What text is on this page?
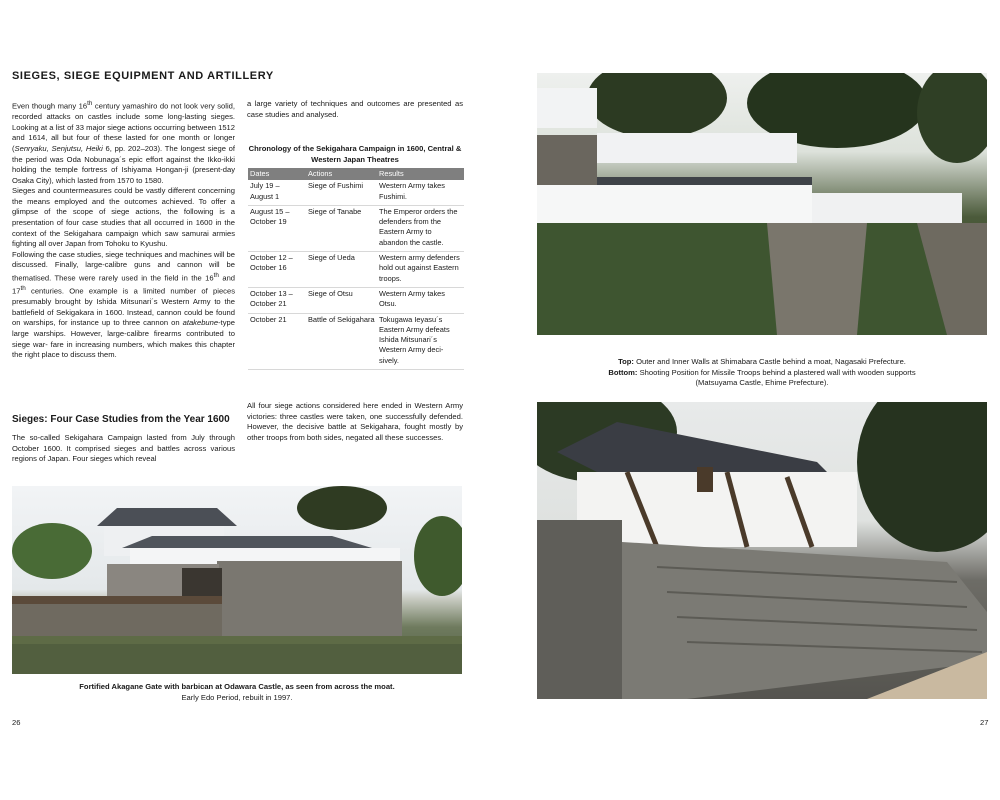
SIEGES, SIEGE EQUIPMENT AND ARTILLERY

Even though many 16th century yamashiro do not look very solid, recorded attacks on castles include some long-lasting sieges. Looking at a list of 33 major siege actions occurring between 1512 and 1614, all but four of these lasted for one month or longer (Senryaku, Senjutsu, Heiki 6, pp. 202–203). The longest siege of the period was Oda Nobunaga´s epic effort against the Ikko-ikki holding the temple fortress of Ishiyama Hongan-ji (present-day Osaka City), which lasted from 1570 to 1580.

Sieges and countermeasures could be vastly different concerning the means employed and the outcomes achieved. To offer a glimpse of the scope of siege actions, the following is a presentation of four case studies that all occurred in 1600 in the context of the Sekigahara campaign which saw samurai armies fighting all over Japan from Tohoku to Kyushu.

Following the case studies, siege techniques and machines will be discussed. Finally, large-calibre guns and cannon will be thematised. These were rarely used in the field in the 16th and 17th centuries. One example is a limited number of pieces presumably brought by Ishida Mitsunari´s Western Army to the battlefield of Sekigakara in 1600. Instead, cannon could be found on warships, for instance up to three cannon on atakebune-type large warships. However, large-calibre firearms contributed to siege war- fare in increasing numbers, which makes this chapter the right place to discuss them.

Sieges: Four Case Studies from the Year 1600
The so-called Sekigahara Campaign lasted from July through October 1600. It comprised sieges and battles across various regions of Japan. Four sieges which reveal
a large variety of techniques and outcomes are presented as case studies and analysed.
Chronology of the Sekigahara Campaign in 1600, Central & Western Japan Theatres
Dates	Actions	Results
July 19 – August 1	Siege of Fushimi	Western Army takes Fushimi.
August 15 – October 19	Siege of Tanabe	The Emperor orders the defenders from the Eastern Army to abandon the castle.
October 12 – October 16	Siege of Ueda	Western army defenders hold out against Eastern troops.
October 13 – October 21	Siege of Otsu	Western Army takes Otsu.
October 21	Battle of Sekigahara	Tokugawa Ieyasu´s Eastern Army defeats Ishida Mitsunari´s Western Army deci- sively.
All four siege actions considered here ended in Western Army victories: three castles were taken, one successfully defended. However, the decisive battle at Sekigahara, fought mostly by other troops from both sides, negated all these successes.
Fortified Akagane Gate with barbican at Odawara Castle, as seen from across the moat.
Early Edo Period, rebuilt in 1997.
26
Top: Outer and Inner Walls at Shimabara Castle behind a moat, Nagasaki Prefecture.
Bottom: Shooting Position for Missile Troops behind a plastered wall with wooden supports
(Matsuyama Castle, Ehime Prefecture).
27
